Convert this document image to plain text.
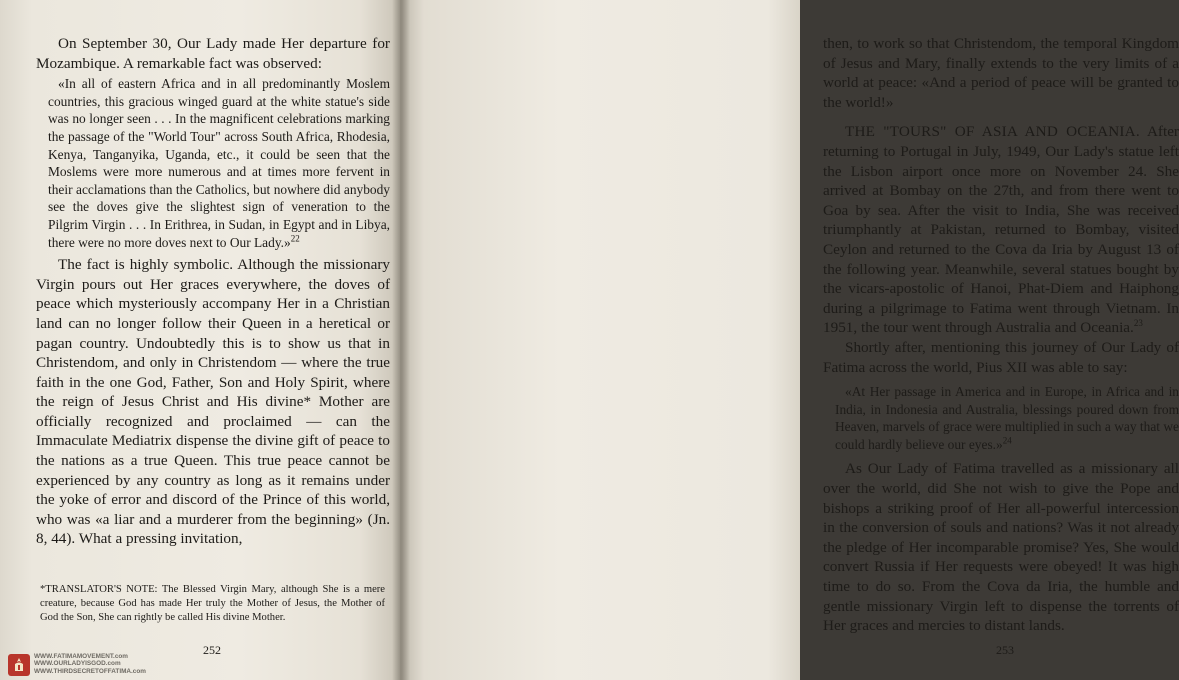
On September 30, Our Lady made Her departure for Mozambique. A remarkable fact was observed:

«In all of eastern Africa and in all predominantly Moslem countries, this gracious winged guard at the white statue's side was no longer seen . . . In the magnificent celebrations marking the passage of the "World Tour" across South Africa, Rhodesia, Kenya, Tanganyika, Uganda, etc., it could be seen that the Moslems were more numerous and at times more fervent in their acclamations than the Catholics, but nowhere did anybody see the doves give the slightest sign of veneration to the Pilgrim Virgin . . . In Erithrea, in Sudan, in Egypt and in Libya, there were no more doves next to Our Lady.»$^{22}$

The fact is highly symbolic. Although the missionary Virgin pours out Her graces everywhere, the doves of peace which mysteriously accompany Her in a Christian land can no longer follow their Queen in a heretical or pagan country. Undoubtedly this is to show us that in Christendom, and only in Christendom — where the true faith in the one God, Father, Son and Holy Spirit, where the reign of Jesus Christ and His divine* Mother are officially recognized and proclaimed — can the Immaculate Mediatrix dispense the divine gift of peace to the nations as a true Queen. This true peace cannot be experienced by any country as long as it remains under the yoke of error and discord of the Prince of this world, who was «a liar and a murderer from the beginning» (Jn. 8, 44). What a pressing invitation,

*TRANSLATOR'S NOTE: The Blessed Virgin Mary, although She is a mere creature, because God has made Her truly the Mother of Jesus, the Mother of God the Son, She can rightly be called His divine Mother.
252

then, to work so that Christendom, the temporal Kingdom of Jesus and Mary, finally extends to the very limits of a world at peace: «And a period of peace will be granted to the world!»

THE "TOURS" OF ASIA AND OCEANIA. After returning to Portugal in July, 1949, Our Lady's statue left the Lisbon airport once more on November 24. She arrived at Bombay on the 27th, and from there went to Goa by sea. After the visit to India, She was received triumphantly at Pakistan, returned to Bombay, visited Ceylon and returned to the Cova da Iria by August 13 of the following year. Meanwhile, several statues bought by the vicars-apostolic of Hanoi, Phat-Diem and Haiphong during a pilgrimage to Fatima went through Vietnam. In 1951, the tour went through Australia and Oceania.$^{23}$

Shortly after, mentioning this journey of Our Lady of Fatima across the world, Pius XII was able to say:

«At Her passage in America and in Europe, in Africa and in India, in Indonesia and Australia, blessings poured down from Heaven, marvels of grace were multiplied in such a way that we could hardly believe our eyes.»$^{24}$

As Our Lady of Fatima travelled as a missionary all over the world, did She not wish to give the Pope and bishops a striking proof of Her all-powerful intercession in the conversion of souls and nations? Was it not already the pledge of Her incomparable promise? Yes, She would convert Russia if Her requests were obeyed! It was high time to do so. From the Cova da Iria, the humble and gentle missionary Virgin left to dispense the torrents of Her graces and mercies to distant lands.

253
WWW.FATIMAMOVEMENT.com
WWW.OURLADYISGOD.com
WWW.THIRDSECRETOFFATIMA.com
